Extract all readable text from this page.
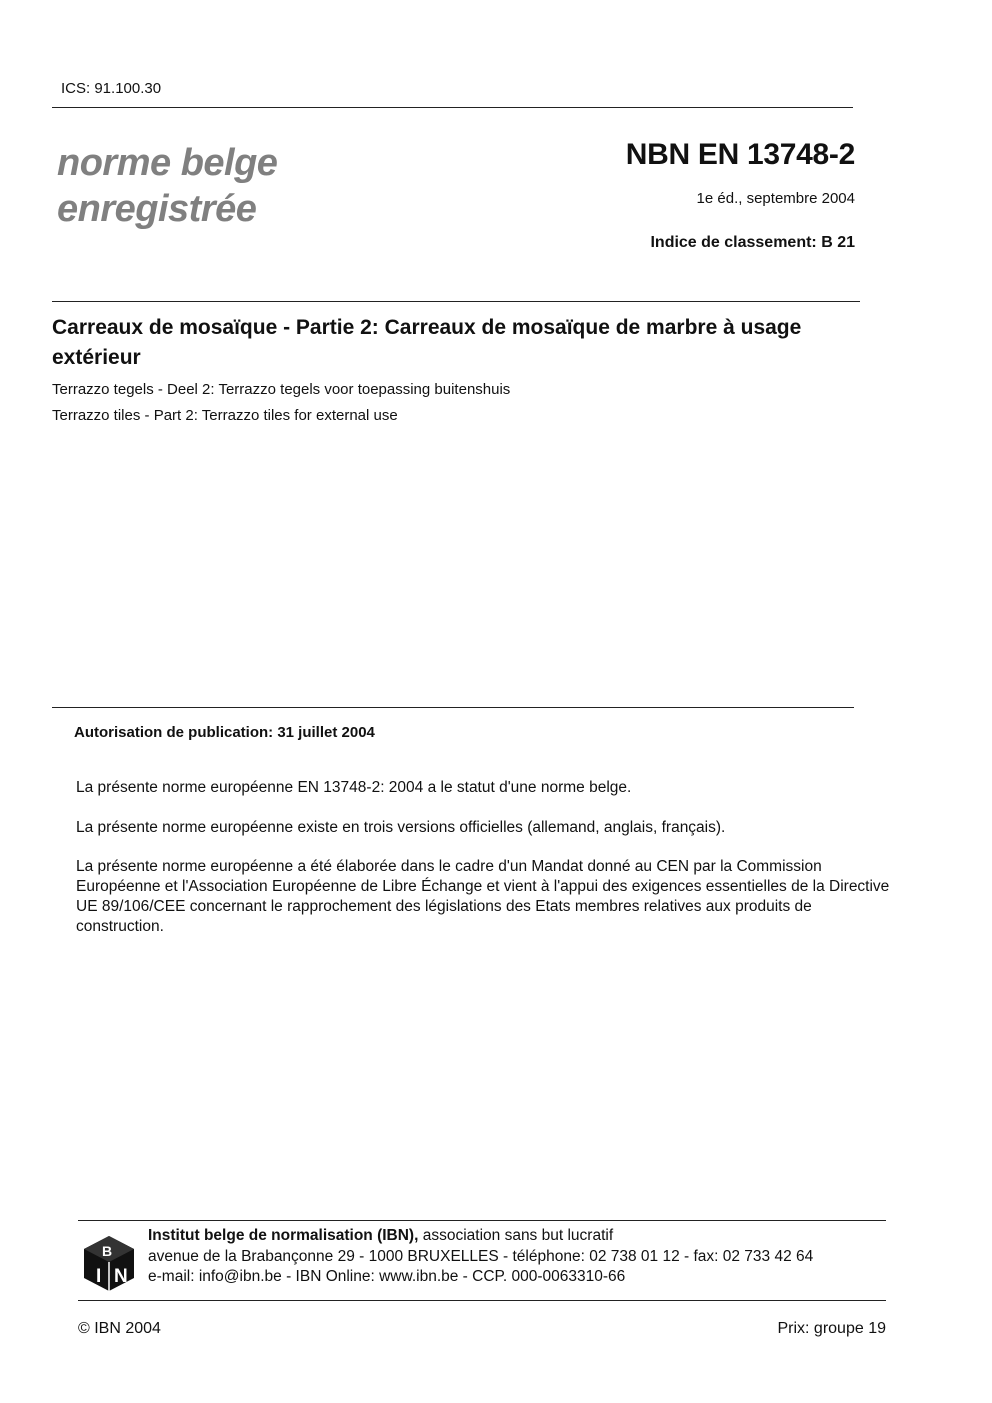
ICS: 91.100.30
norme belge
enregistrée
NBN EN 13748-2
1e éd., septembre 2004
Indice de classement: B 21
Carreaux de mosaïque - Partie 2: Carreaux de mosaïque de marbre à usage extérieur
Terrazzo tegels - Deel 2: Terrazzo tegels voor toepassing buitenshuis
Terrazzo tiles - Part 2: Terrazzo tiles for external use
Autorisation de publication: 31 juillet 2004
La présente norme européenne EN 13748-2: 2004 a le statut d'une norme belge.
La présente norme européenne existe en trois versions officielles (allemand, anglais, français).
La présente norme européenne a été élaborée dans le cadre d'un Mandat donné au CEN par la Commission Européenne et l'Association Européenne de Libre Échange et vient à l'appui des exigences essentielles de la Directive UE 89/106/CEE concernant le rapprochement des législations des Etats membres relatives aux produits de construction.
I
B
N
Institut belge de normalisation (IBN), association sans but lucratif
avenue de la Brabançonne 29 - 1000 BRUXELLES - téléphone: 02 738 01 12 - fax: 02 733 42 64
e-mail: info@ibn.be - IBN Online: www.ibn.be - CCP. 000-0063310-66
© IBN 2004	Prix: groupe 19
